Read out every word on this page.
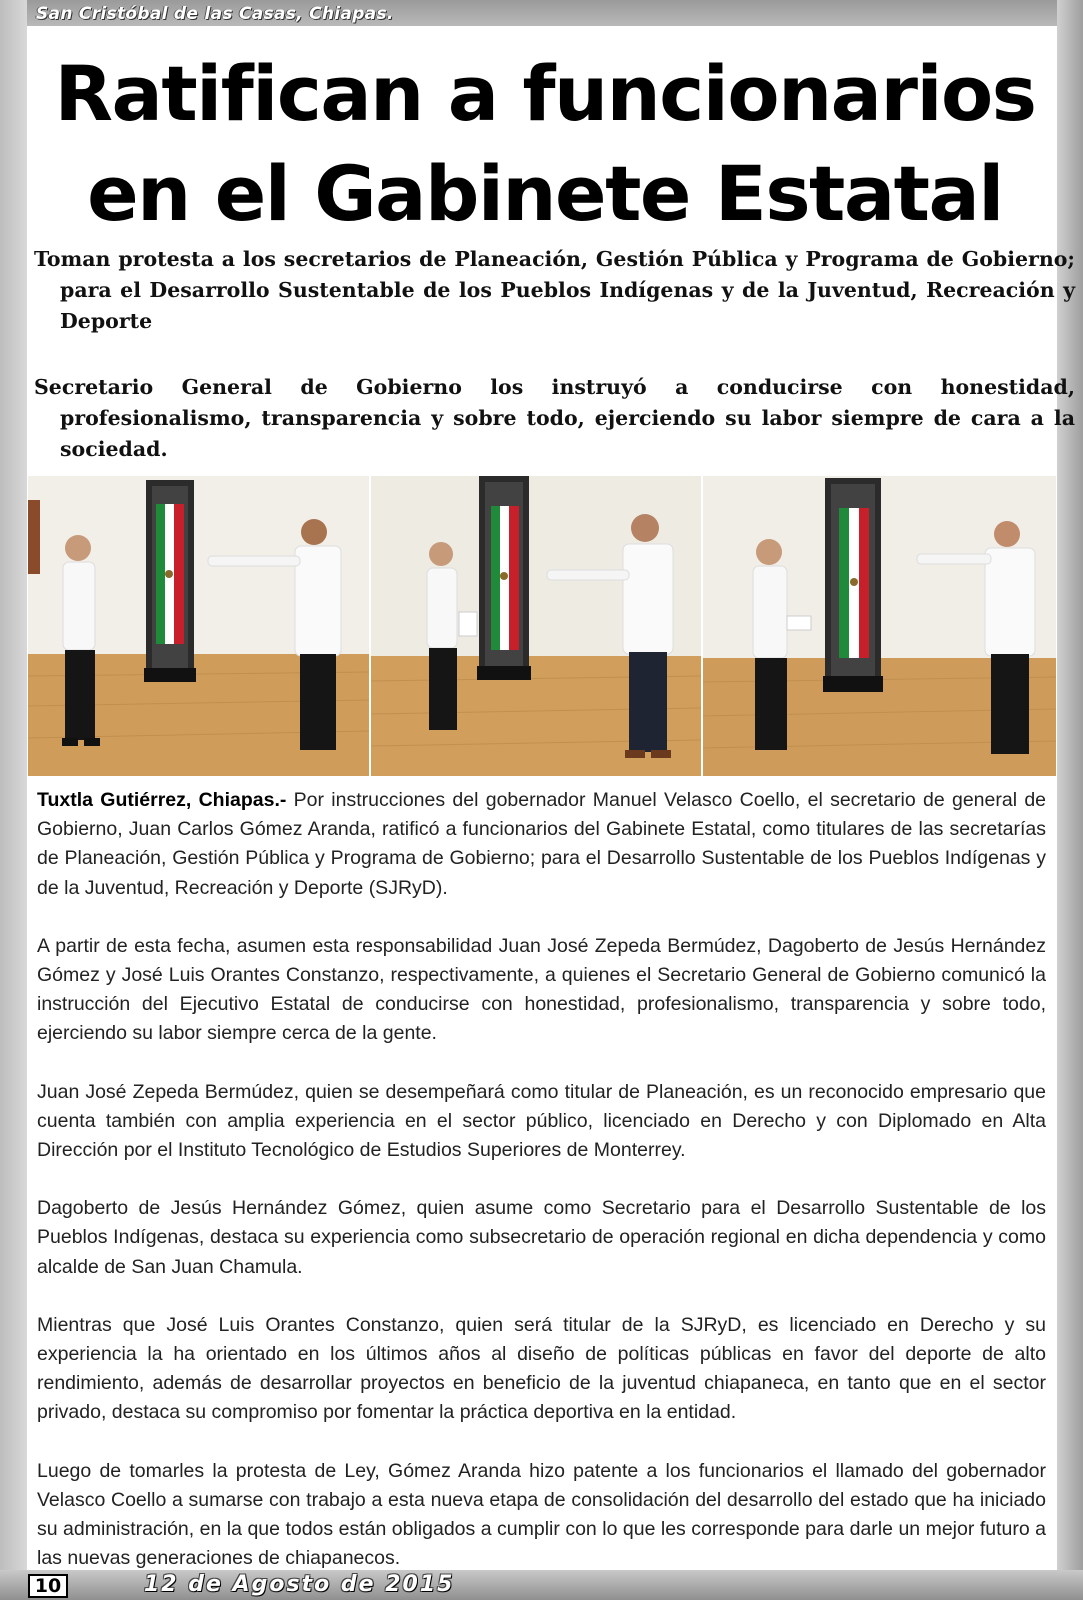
San Cristóbal de las Casas, Chiapas.
Ratifican a funcionarios
en el Gabinete Estatal

Toman protesta a los secretarios de Planeación, Gestión Pública y Programa de Gobierno; para el Desarrollo Sustentable de los Pueblos Indígenas y de la Juventud, Recreación y Deporte

Secretario General de Gobierno los instruyó a conducirse con honestidad, profesionalismo, transparencia y sobre todo, ejerciendo su labor siempre de cara a la sociedad.

Tuxtla Gutiérrez, Chiapas.- Por instrucciones del gobernador Manuel Velasco Coello, el secretario de general de Gobierno, Juan Carlos Gómez Aranda, ratificó a funcionarios del Gabinete Estatal, como titulares de las secretarías de Planeación, Gestión Pública y Programa de Gobierno; para el Desarrollo Sustentable de los Pueblos Indígenas y de la Juventud, Recreación y Deporte (SJRyD).

A partir de esta fecha, asumen esta responsabilidad Juan José Zepeda Bermúdez, Dagoberto de Jesús Hernández Gómez y José Luis Orantes Constanzo, respectivamente, a quienes el Secretario General de Gobierno comunicó la instrucción del Ejecutivo Estatal de conducirse con honestidad, profesionalismo, transparencia y sobre todo, ejerciendo su labor siempre cerca de la gente.

Juan José Zepeda Bermúdez, quien se desempeñará como titular de Planeación, es un reconocido empresario que cuenta también con amplia experiencia en el sector público, licenciado en Derecho y con Diplomado en Alta Dirección por el Instituto Tecnológico de Estudios Superiores de Monterrey.

Dagoberto de Jesús Hernández Gómez, quien asume como Secretario para el Desarrollo Sustentable de los Pueblos Indígenas, destaca su experiencia como subsecretario de operación regional en dicha dependencia y como alcalde de San Juan Chamula.

Mientras que José Luis Orantes Constanzo, quien será titular de la SJRyD, es licenciado en Derecho y su experiencia la ha orientado en los últimos años al diseño de políticas públicas en favor del deporte de alto rendimiento, además de desarrollar proyectos en beneficio de la juventud chiapaneca, en tanto que en el sector privado, destaca su compromiso por fomentar la práctica deportiva en la entidad.

Luego de tomarles la protesta de Ley, Gómez Aranda hizo patente a los funcionarios el llamado del gobernador Velasco Coello a sumarse con trabajo a esta nueva etapa de consolidación del desarrollo del estado que ha iniciado su administración, en la que todos están obligados a cumplir con lo que les corresponde para darle un mejor futuro a las nuevas generaciones de chiapanecos.

10	12 de Agosto de 2015
